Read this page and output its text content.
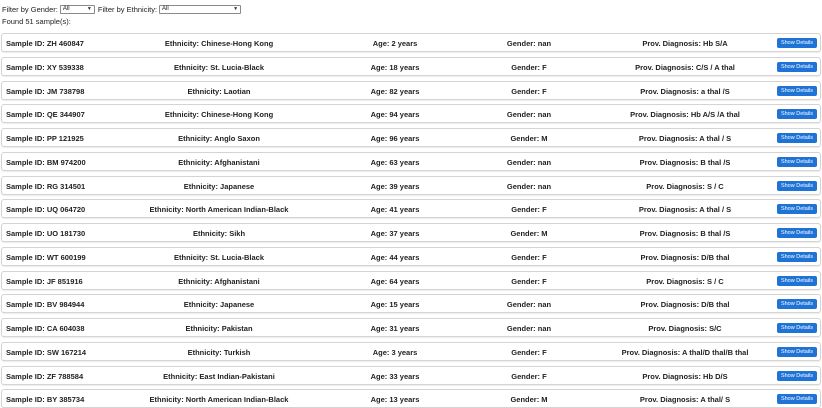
Filter by Gender: All	▼ Filter by Ethnicity: All	▼
Found 51 sample(s):
Sample ID: ZH 460847	Ethnicity: Chinese-Hong Kong	Age: 2 years	Gender: nan	Prov. Diagnosis: Hb S/A	Show Details
Sample ID: XY 539338	Ethnicity: St. Lucia-Black	Age: 18 years	Gender: F	Prov. Diagnosis: C/S / A thal	Show Details
Sample ID: JM 738798	Ethnicity: Laotian	Age: 82 years	Gender: F	Prov. Diagnosis: a thal /S	Show Details
Sample ID: QE 344907	Ethnicity: Chinese-Hong Kong	Age: 94 years	Gender: nan	Prov. Diagnosis: Hb A/S /A thal	Show Details
Sample ID: PP 121925	Ethnicity: Anglo Saxon	Age: 96 years	Gender: M	Prov. Diagnosis: A thal / S	Show Details
Sample ID: BM 974200	Ethnicity: Afghanistani	Age: 63 years	Gender: nan	Prov. Diagnosis: B thal /S	Show Details
Sample ID: RG 314501	Ethnicity: Japanese	Age: 39 years	Gender: nan	Prov. Diagnosis: S / C	Show Details
Sample ID: UQ 064720	Ethnicity: North American Indian-Black	Age: 41 years	Gender: F	Prov. Diagnosis: A thal / S	Show Details
Sample ID: UO 181730	Ethnicity: Sikh	Age: 37 years	Gender: M	Prov. Diagnosis: B thal /S	Show Details
Sample ID: WT 600199	Ethnicity: St. Lucia-Black	Age: 44 years	Gender: F	Prov. Diagnosis: D/B thal	Show Details
Sample ID: JF 851916	Ethnicity: Afghanistani	Age: 64 years	Gender: F	Prov. Diagnosis: S / C	Show Details
Sample ID: BV 984944	Ethnicity: Japanese	Age: 15 years	Gender: nan	Prov. Diagnosis: D/B thal	Show Details
Sample ID: CA 604038	Ethnicity: Pakistan	Age: 31 years	Gender: nan	Prov. Diagnosis: S/C	Show Details
Sample ID: SW 167214	Ethnicity: Turkish	Age: 3 years	Gender: F	Prov. Diagnosis: A thal/D thal/B thal	Show Details
Sample ID: ZF 788584	Ethnicity: East Indian-Pakistani	Age: 33 years	Gender: F	Prov. Diagnosis: Hb D/S	Show Details
Sample ID: BY 385734	Ethnicity: North American Indian-Black	Age: 13 years	Gender: M	Prov. Diagnosis: A thal/ S	Show Details
